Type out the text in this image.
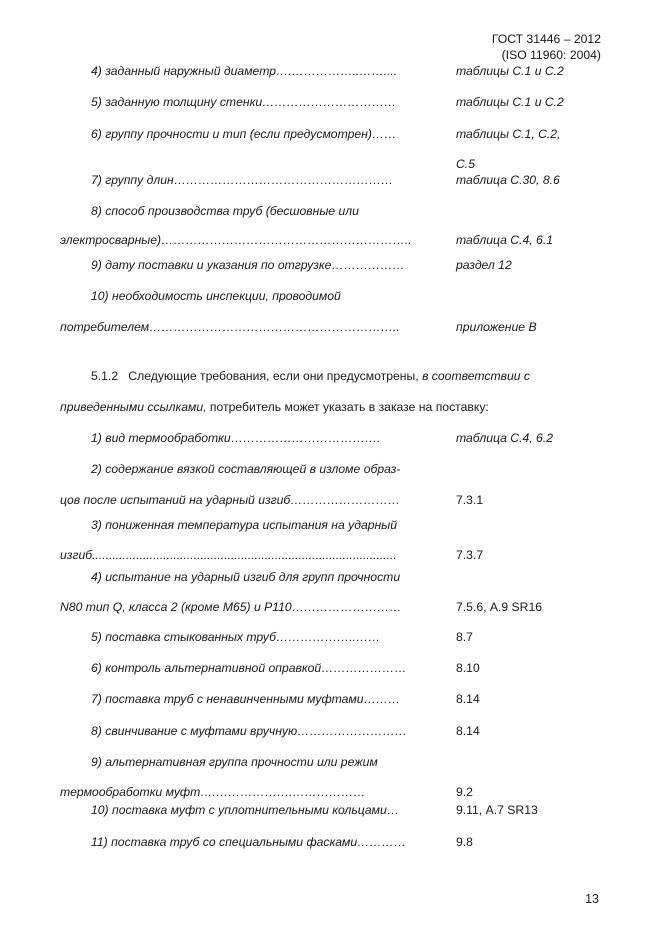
ГОСТ 31446 – 2012
(ISO 11960: 2004)
4) заданный наружный диаметр….……………..……....	таблицы С.1 и С.2
5) заданную толщину стенки……………………………	таблицы С.1 и С.2
6) группу прочности и тип (если предусмотрен)……	таблицы С.1, С.2,
С.5
7) группу длин………………………………………………	таблица С.30, 8.6
8) способ производства труб (бесшовные или
электросварные)……………………………………………………..	таблица С.4, 6.1
9) дату поставки и указания по отгрузке………………	раздел 12
10) необходимость инспекции, проводимой
потребителем……………………………………………………..	приложение В
5.1.2 Следующие требования, если они предусмотрены, в соответствии с
приведенными ссылками, потребитель может указать в заказе на поставку:
1) вид термообработки……………………………….	таблица С.4, 6.2
2) содержание вязкой составляющей в изломе образ-
цов после испытаний на ударный изгиб………………………	7.3.1
3) пониженная температура испытания на ударный
изгиб..........................................................................................	7.3.7
4) испытание на ударный изгиб для групп прочности
N80 тип Q, класса 2 (кроме М65) и Р110………………………	7.5.6, А.9 SR16
5) поставка стыкованных труб………………..……	8.7
6) контроль альтернативной оправкой…………………	8.10
7) поставка труб с ненавинченными муфтами………	8.14
8) свинчивание с муфтами вручную………………………	8.14
9) альтернативная группа прочности или режим
термообработки муфт….……………….………………	9.2
10) поставка муфт с уплотнительными кольцами…	9.11, А.7 SR13
11) поставка труб со специальными фасками…………	9.8
13
